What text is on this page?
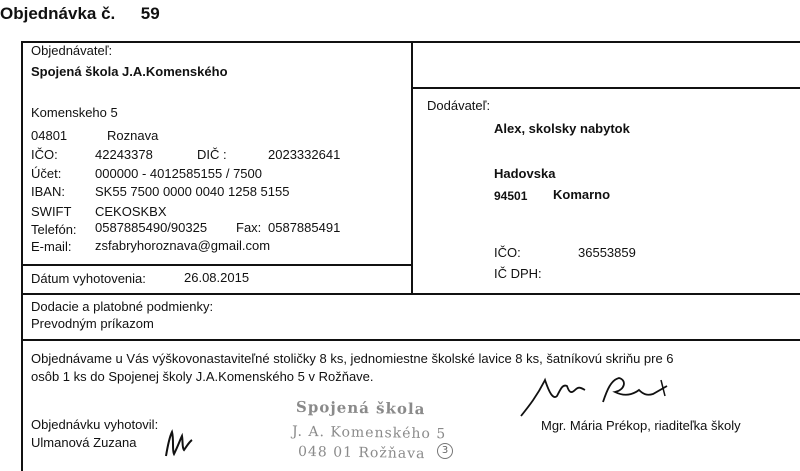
Objednávka č. 59
Objednávateľ:
Spojená škola J.A.Komenského
Komenskeho 5
04801	Roznava
IČO:	42243378	DIČ :	2023332641
Účet:	000000 - 4012585155 / 7500
IBAN: SK55 7500 0000 0040 1258 5155
SWIFT CEKOSKBX
Telefón: 0587885490/90325 Fax: 0587885491
E-mail: zsfabryhoroznava@gmail.com
Dátum vyhotovenia:	26.08.2015
Dodávateľ:
Alex, skolsky nabytok
Hadovska
94501 Komarno
IČO:	36553859
IČ DPH:
Dodacie a platobné podmienky:
Prevodným príkazom
Objednávame u Vás výškovonastaviteľné stoličky 8 ks, jednomiestne školské lavice 8 ks, šatníkovú skriňu pre 6
osôb 1 ks do Spojenej školy J.A.Komenského 5 v Rožňave.
Objednávku vyhotovil:
Ulmanová Zuzana
Spojená škola
J. A. Komenského 5
048 01 Rožňava	3
Mgr. Mária Prékop, riaditeľka školy
